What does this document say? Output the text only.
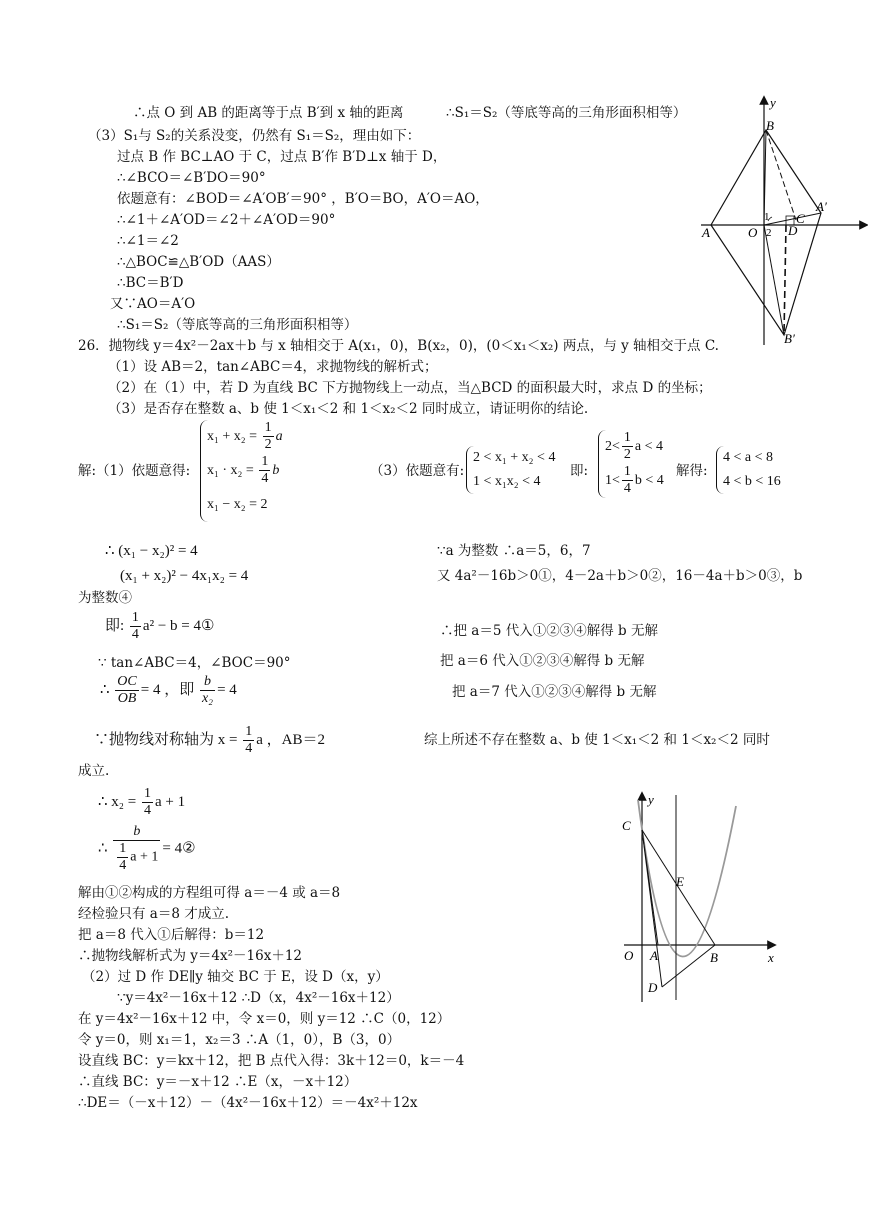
∴点 O 到 AB 的距离等于点 B′到 x 轴的距离	∴S₁＝S₂（等底等高的三角形面积相等）
（3）S₁与 S₂的关系没变，仍然有 S₁＝S₂，理由如下：
过点 B 作 BC⊥AO 于 C，过点 B′作 B′D⊥x 轴于 D，
∴∠BCO＝∠B′DO＝90°
依题意有：∠BOD＝∠A′OB′＝90° ，B′O＝BO，A′O＝AO，
∴∠1＋∠A′OD＝∠2＋∠A′OD＝90°
∴∠1＝∠2
∴△BOC≌△B′OD（AAS）
∴BC＝B′D
又∵AO＝A′O
∴S₁＝S₂（等底等高的三角形面积相等）
26．抛物线 y＝4x²－2ax＋b 与 x 轴相交于 A(x₁，0)，B(x₂，0)，(0＜x₁＜x₂) 两点，与 y 轴相交于点 C.
（1）设 AB＝2，tan∠ABC＝4，求抛物线的解析式；
（2）在（1）中，若 D 为直线 BC 下方抛物线上一动点，当△BCD 的面积最大时，求点 D 的坐标；
（3）是否存在整数 a、b 使 1＜x₁＜2 和 1＜x₂＜2 同时成立，请证明你的结论.
解:（1）依题意得:
$x_1 + x_2 = \frac{1}{2}$ a
$x_1 \cdot x_2 = \frac{1}{4}$ b
x₁ − x₂ = 2
（3）依题意有:
2 < x₁ + x₂ < 4
1 < x₁x₂ < 4
即:
$2< \frac{1}{2}$ a < 4
$1< \frac{1}{4}$ b < 4
解得:
4 < a < 8
4 < b < 16
∴ (x₁ − x₂)² = 4
(x₁ + x₂)² − 4x₁x₂ = 4
为整数④
即: $\frac{1}{4} a^2 - b$ = 4①
∵ tan∠ABC＝4，∠BOC＝90°
∴ $\frac{OC}{OB} = 4$ ，即 $\frac{b}{\text{x₂}} = 4$
∵抛物线对称轴为 $x = \frac{1}{4}$ a ，AB＝2
成立.
∴ $x_2 = \frac{1}{4}$ a + 1
∴ $\frac{b}{\frac{1}{4} a + 1}$ = 4②
解由①②构成的方程组可得 a＝－4 或 a＝8
经检验只有 a＝8 才成立.
把 a＝8 代入①后解得：b＝12
∴抛物线解析式为 y＝4x²－16x＋12
（2）过 D 作 DE∥y 轴交 BC 于 E，设 D（x，y）
∵y＝4x²－16x＋12 ∴D（x，4x²－16x＋12）
在 y＝4x²－16x＋12 中，令 x＝0，则 y＝12 ∴C（0，12）
令 y＝0，则 x₁＝1，x₂＝3 ∴A（1，0），B（3，0）
设直线 BC：y＝kx＋12，把 B 点代入得：3k＋12＝0，k＝－4
∴直线 BC：y＝－x＋12 ∴E（x，－x＋12）
∴DE＝（－x＋12）－（4x²－16x＋12）＝－4x²＋12x
∵a 为整数 ∴a＝5，6，7
又 4a²－16b＞0①，4－2a＋b＞0②，16－4a＋b＞0③，b
∴把 a＝5 代入①②③④解得 b 无解
把 a＝6 代入①②③④解得 b 无解
把 a＝7 代入①②③④解得 b 无解
综上所述不存在整数 a、b 使 1＜x₁＜2 和 1＜x₂＜2 同时
y
B
A	O
1
2 D
C
A′
B′
y
x
C
E
O A	B
D
